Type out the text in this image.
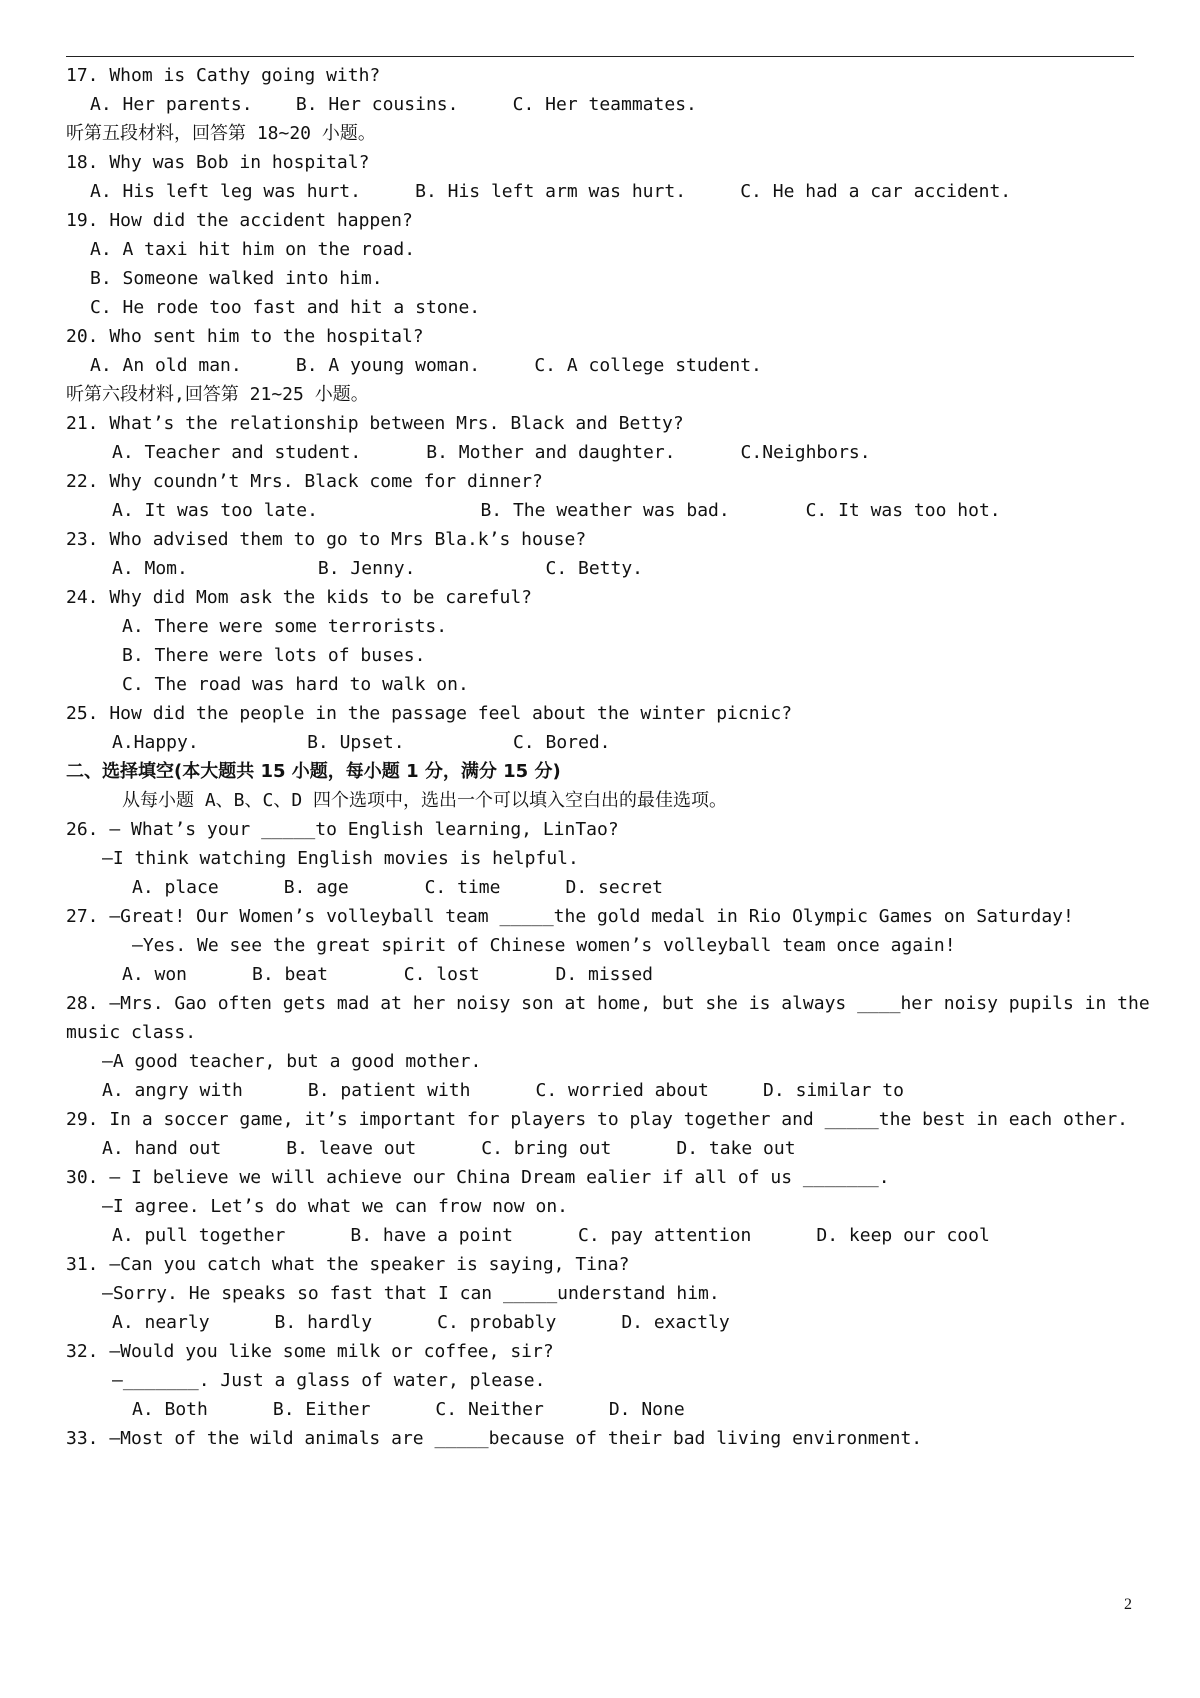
17. Whom is Cathy going with?
A. Her parents.    B. Her cousins.     C. Her teammates.
听第五段材料，回答第 18~20 小题。
18. Why was Bob in hospital?
A. His left leg was hurt.     B. His left arm was hurt.     C. He had a car accident.
19. How did the accident happen?
A. A taxi hit him on the road.
B. Someone walked into him.
C. He rode too fast and hit a stone.
20. Who sent him to the hospital?
A. An old man.     B. A young woman.     C. A college student.
听第六段材料,回答第 21~25 小题。
21. What’s the relationship between Mrs. Black and Betty?
A. Teacher and student.      B. Mother and daughter.      C.Neighbors.
22. Why coundn’t Mrs. Black come for dinner?
A. It was too late.               B. The weather was bad.       C. It was too hot.
23. Who advised them to go to Mrs Bla.k’s house?
A. Mom.            B. Jenny.            C. Betty.
24. Why did Mom ask the kids to be careful?
A. There were some terrorists.
B. There were lots of buses.
C. The road was hard to walk on.
25. How did the people in the passage feel about the winter picnic?
A.Happy.          B. Upset.          C. Bored.
二、选择填空(本大题共 15 小题，每小题 1 分，满分 15 分)
从每小题 A、B、C、D 四个选项中，选出一个可以填入空白出的最佳选项。
26. — What’s your _____to English learning, LinTao?
—I think watching English movies is helpful.
A. place      B. age       C. time      D. secret
27. —Great! Our Women’s volleyball team _____the gold medal in Rio Olympic Games on Saturday!
—Yes. We see the great spirit of Chinese women’s volleyball team once again!
A. won      B. beat       C. lost       D. missed
28. —Mrs. Gao often gets mad at her noisy son at home, but she is always ____her noisy pupils in the
music class.
—A good teacher, but a good mother.
A. angry with      B. patient with      C. worried about     D. similar to
29. In a soccer game, it’s important for players to play together and _____the best in each other.
A. hand out      B. leave out      C. bring out      D. take out
30. — I believe we will achieve our China Dream ealier if all of us _______.
—I agree. Let’s do what we can frow now on.
A. pull together      B. have a point      C. pay attention      D. keep our cool
31. —Can you catch what the speaker is saying, Tina?
—Sorry. He speaks so fast that I can _____understand him.
A. nearly      B. hardly      C. probably      D. exactly
32. —Would you like some milk or coffee, sir?
—_______. Just a glass of water, please.
A. Both      B. Either      C. Neither      D. None
33. —Most of the wild animals are _____because of their bad living environment.
2
